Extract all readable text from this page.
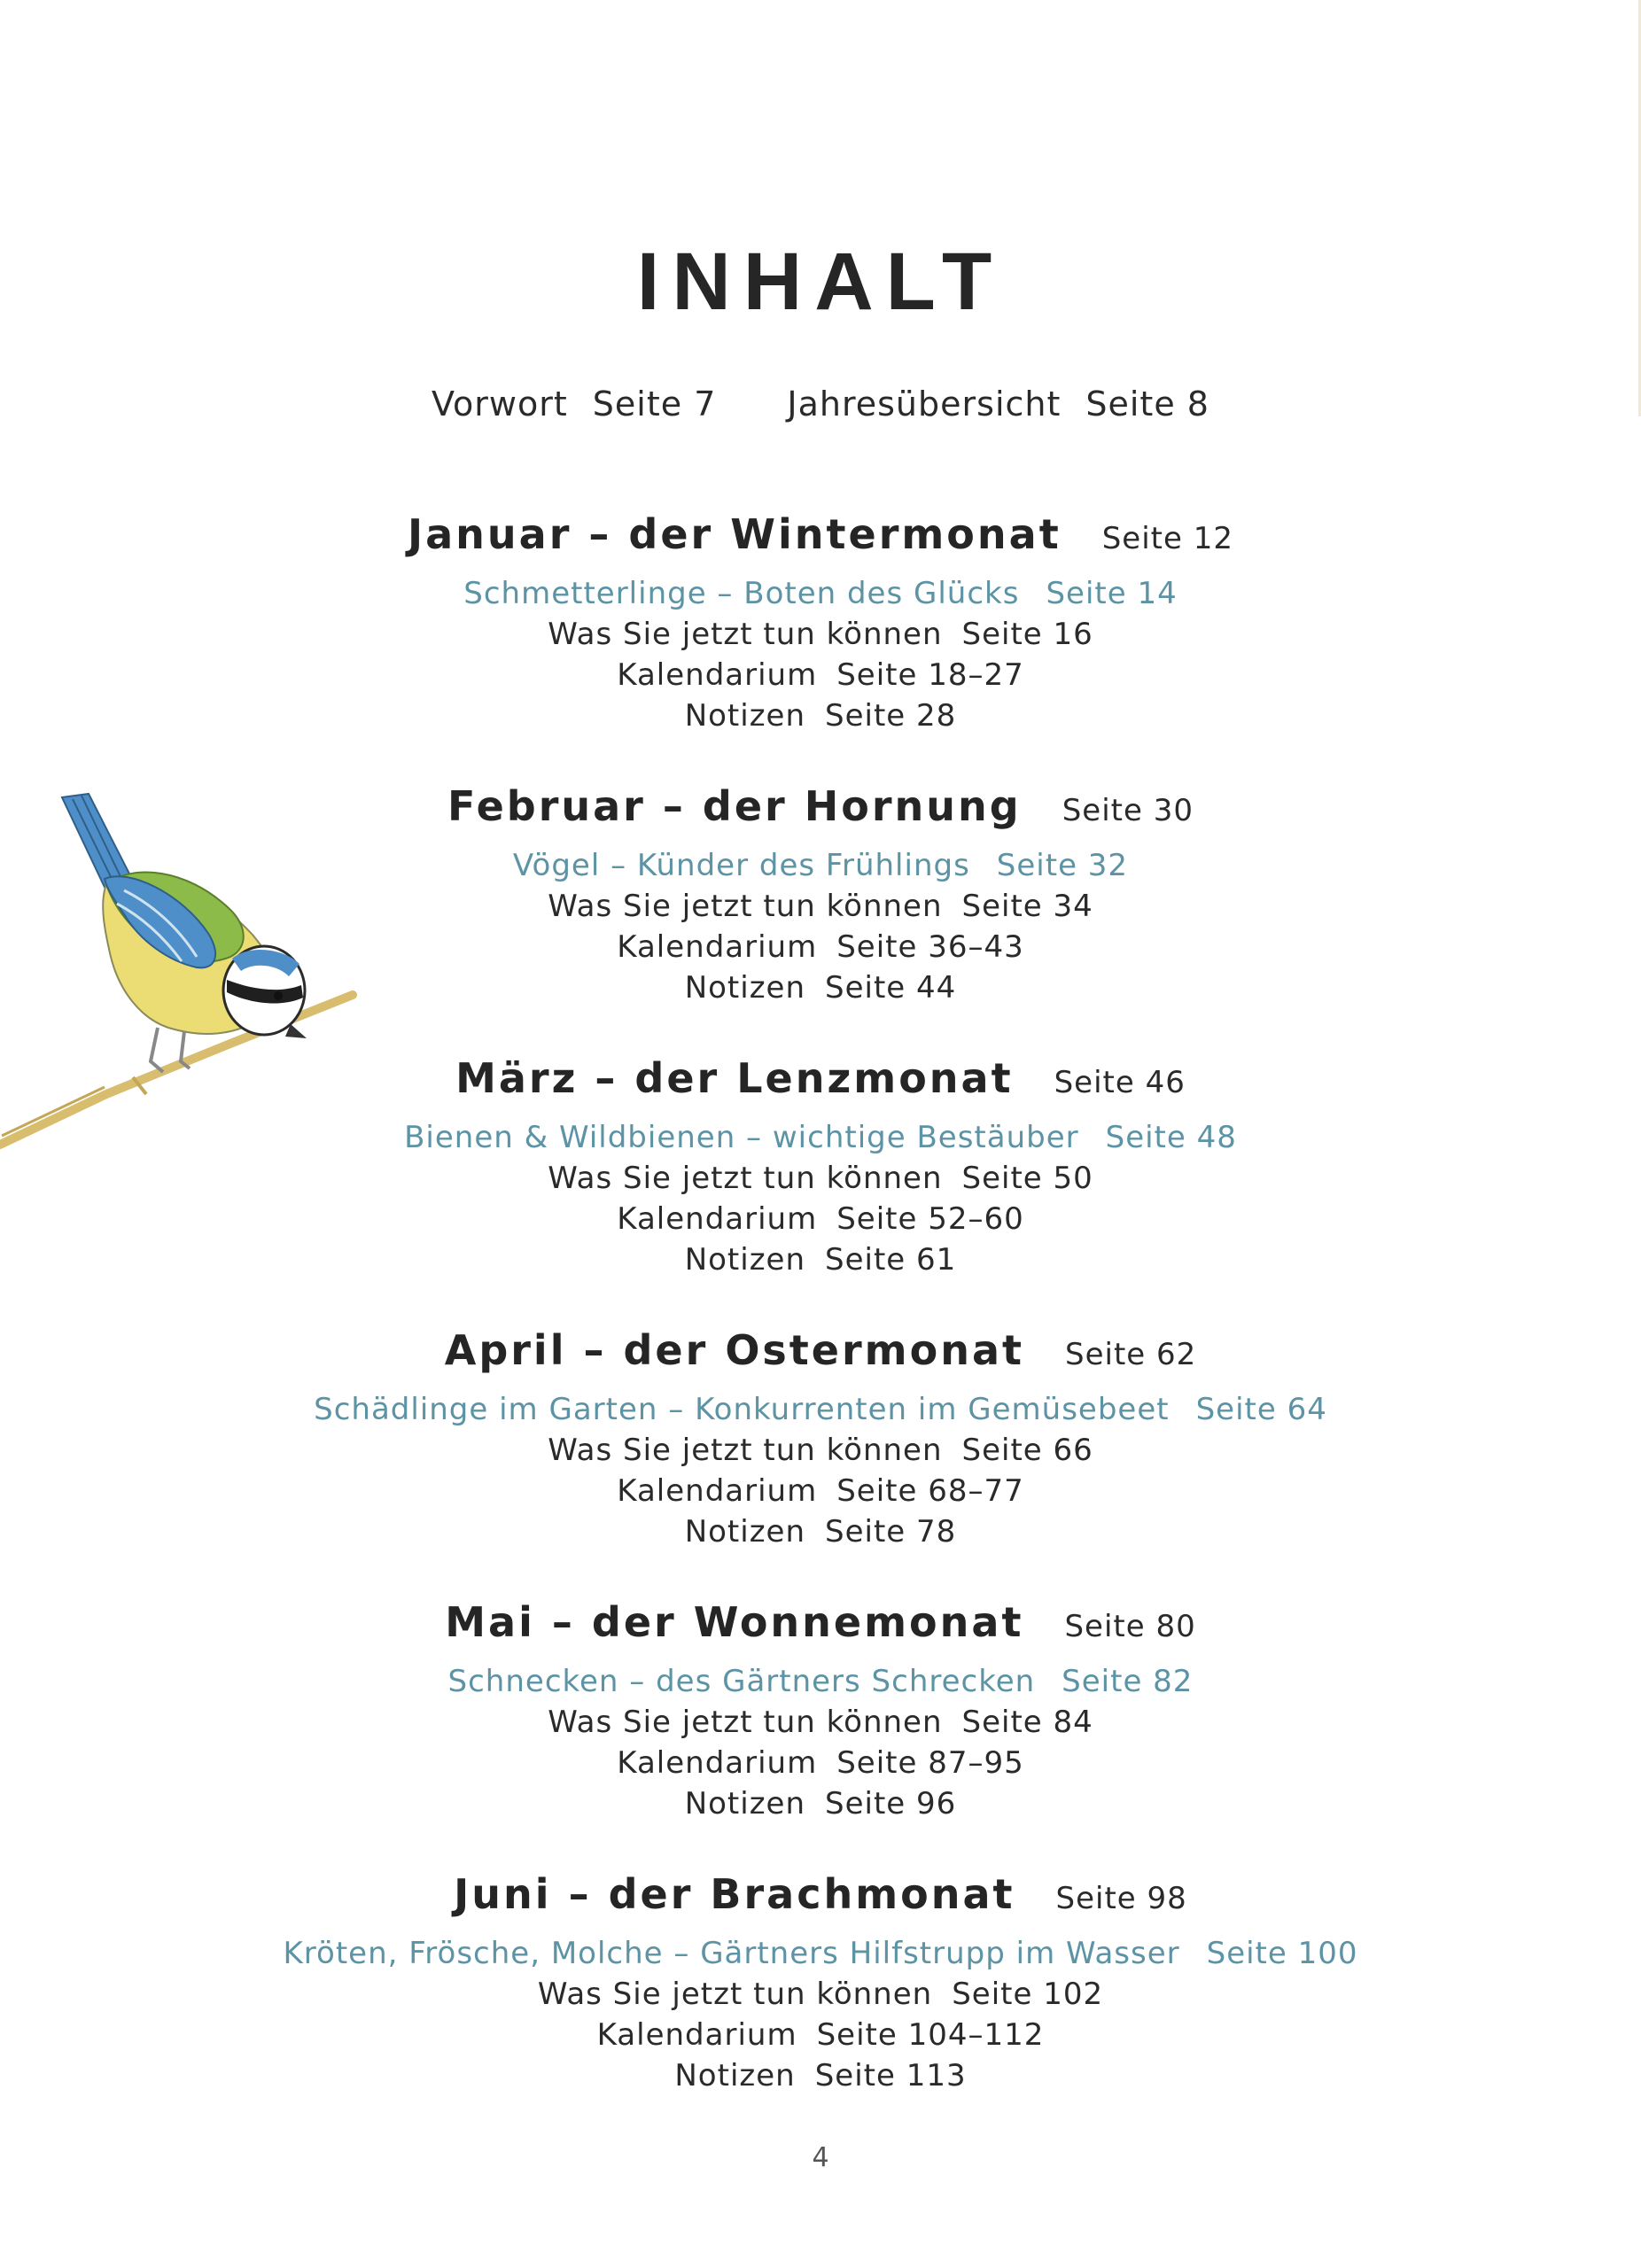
INHALT
Vorwort Seite 7 Jahresübersicht Seite 8
Januar – der Wintermonat Seite 12
Schmetterlinge – Boten des Glücks Seite 14
Was Sie jetzt tun können Seite 16
Kalendarium Seite 18–27
Notizen Seite 28
Februar – der Hornung Seite 30
Vögel – Künder des Frühlings Seite 32
Was Sie jetzt tun können Seite 34
Kalendarium Seite 36–43
Notizen Seite 44
März – der Lenzmonat Seite 46
Bienen & Wildbienen – wichtige Bestäuber Seite 48
Was Sie jetzt tun können Seite 50
Kalendarium Seite 52–60
Notizen Seite 61
April – der Ostermonat Seite 62
Schädlinge im Garten – Konkurrenten im Gemüsebeet Seite 64
Was Sie jetzt tun können Seite 66
Kalendarium Seite 68–77
Notizen Seite 78
Mai – der Wonnemonat Seite 80
Schnecken – des Gärtners Schrecken Seite 82
Was Sie jetzt tun können Seite 84
Kalendarium Seite 87–95
Notizen Seite 96
Juni – der Brachmonat Seite 98
Kröten, Frösche, Molche – Gärtners Hilfstrupp im Wasser Seite 100
Was Sie jetzt tun können Seite 102
Kalendarium Seite 104–112
Notizen Seite 113
4
